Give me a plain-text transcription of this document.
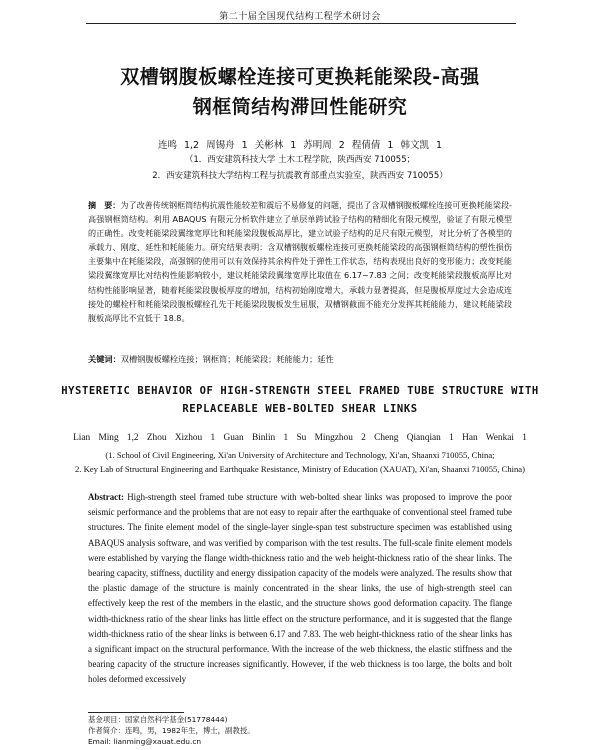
第二十届全国现代结构工程学术研讨会
双槽钢腹板螺栓连接可更换耗能梁段-高强
钢框筒结构滞回性能研究
连鸣 1,2 周锡舟 1 关彬林 1 苏明周 2 程倩倩 1 韩文凯 1
（1．西安建筑科技大学 土木工程学院，陕西西安 710055；
2．西安建筑科技大学结构工程与抗震教育部重点实验室，陕西西安 710055）
摘　要：为了改善传统钢框筒结构抗震性能较差和震后不易修复的问题，提出了含双槽钢腹板螺栓连接可更换耗能梁段-高强钢框筒结构。利用 ABAQUS 有限元分析软件建立了单层单跨试验子结构的精细化有限元模型，验证了有限元模型的正确性。改变耗能梁段翼缘宽厚比和耗能梁段腹板高厚比，建立试验子结构的足尺有限元模型，对比分析了各模型的承载力、刚度、延性和耗能能力。研究结果表明：含双槽钢腹板螺栓连接可更换耗能梁段的高强钢框筒结构的塑性损伤主要集中在耗能梁段，高强钢的使用可以有效保持其余构件处于弹性工作状态，结构表现出良好的变形能力；改变耗能梁段翼缘宽厚比对结构性能影响较小，建议耗能梁段翼缘宽厚比取值在 6.17~7.83 之间；改变耗能梁段腹板高厚比对结构性能影响显著，随着耗能梁段腹板厚度的增加，结构初始刚度增大，承载力显著提高，但是腹板厚度过大会造成连接处的螺栓杆和耗能梁段腹板螺栓孔先于耗能梁段腹板发生屈服，双槽钢截面不能充分发挥其耗能能力，建议耗能梁段腹板高厚比不宜低于 18.8。
关键词：双槽钢腹板螺栓连接；钢框筒；耗能梁段；耗能能力；延性
HYSTERETIC BEHAVIOR OF HIGH-STRENGTH STEEL FRAMED TUBE STRUCTURE WITH
REPLACEABLE WEB-BOLTED SHEAR LINKS
Lian Ming 1,2 Zhou Xizhou 1 Guan Binlin 1 Su Mingzhou 2 Cheng Qianqian 1 Han Wenkai 1
(1. School of Civil Engineering, Xi'an University of Architecture and Technology, Xi'an, Shaanxi 710055, China;
2. Key Lab of Structural Engineering and Earthquake Resistance, Ministry of Education (XAUAT), Xi'an, Shaanxi 710055, China)
Abstract: High-strength steel framed tube structure with web-bolted shear links was proposed to improve the poor seismic performance and the problems that are not easy to repair after the earthquake of conventional steel framed tube structures. The finite element model of the single-layer single-span test substructure specimen was established using ABAQUS analysis software, and was verified by comparison with the test results. The full-scale finite element models were established by varying the flange width-thickness ratio and the web height-thickness ratio of the shear links. The bearing capacity, stiffness, ductility and energy dissipation capacity of the models were analyzed. The results show that the plastic damage of the structure is mainly concentrated in the shear links, the use of high-strength steel can effectively keep the rest of the members in the elastic, and the structure shows good deformation capacity. The flange width-thickness ratio of the shear links has little effect on the structure performance, and it is suggested that the flange width-thickness ratio of the shear links is between 6.17 and 7.83. The web height-thickness ratio of the shear links has a significant impact on the structural performance. With the increase of the web thickness, the elastic stiffness and the bearing capacity of the structure increases significantly. However, if the web thickness is too large, the bolts and bolt holes deformed excessively
基金项目：国家自然科学基金(51778444)
作者简介：连鸣，男，1982年生，博士，副教授。
Email: lianming@xauat.edu.cn
